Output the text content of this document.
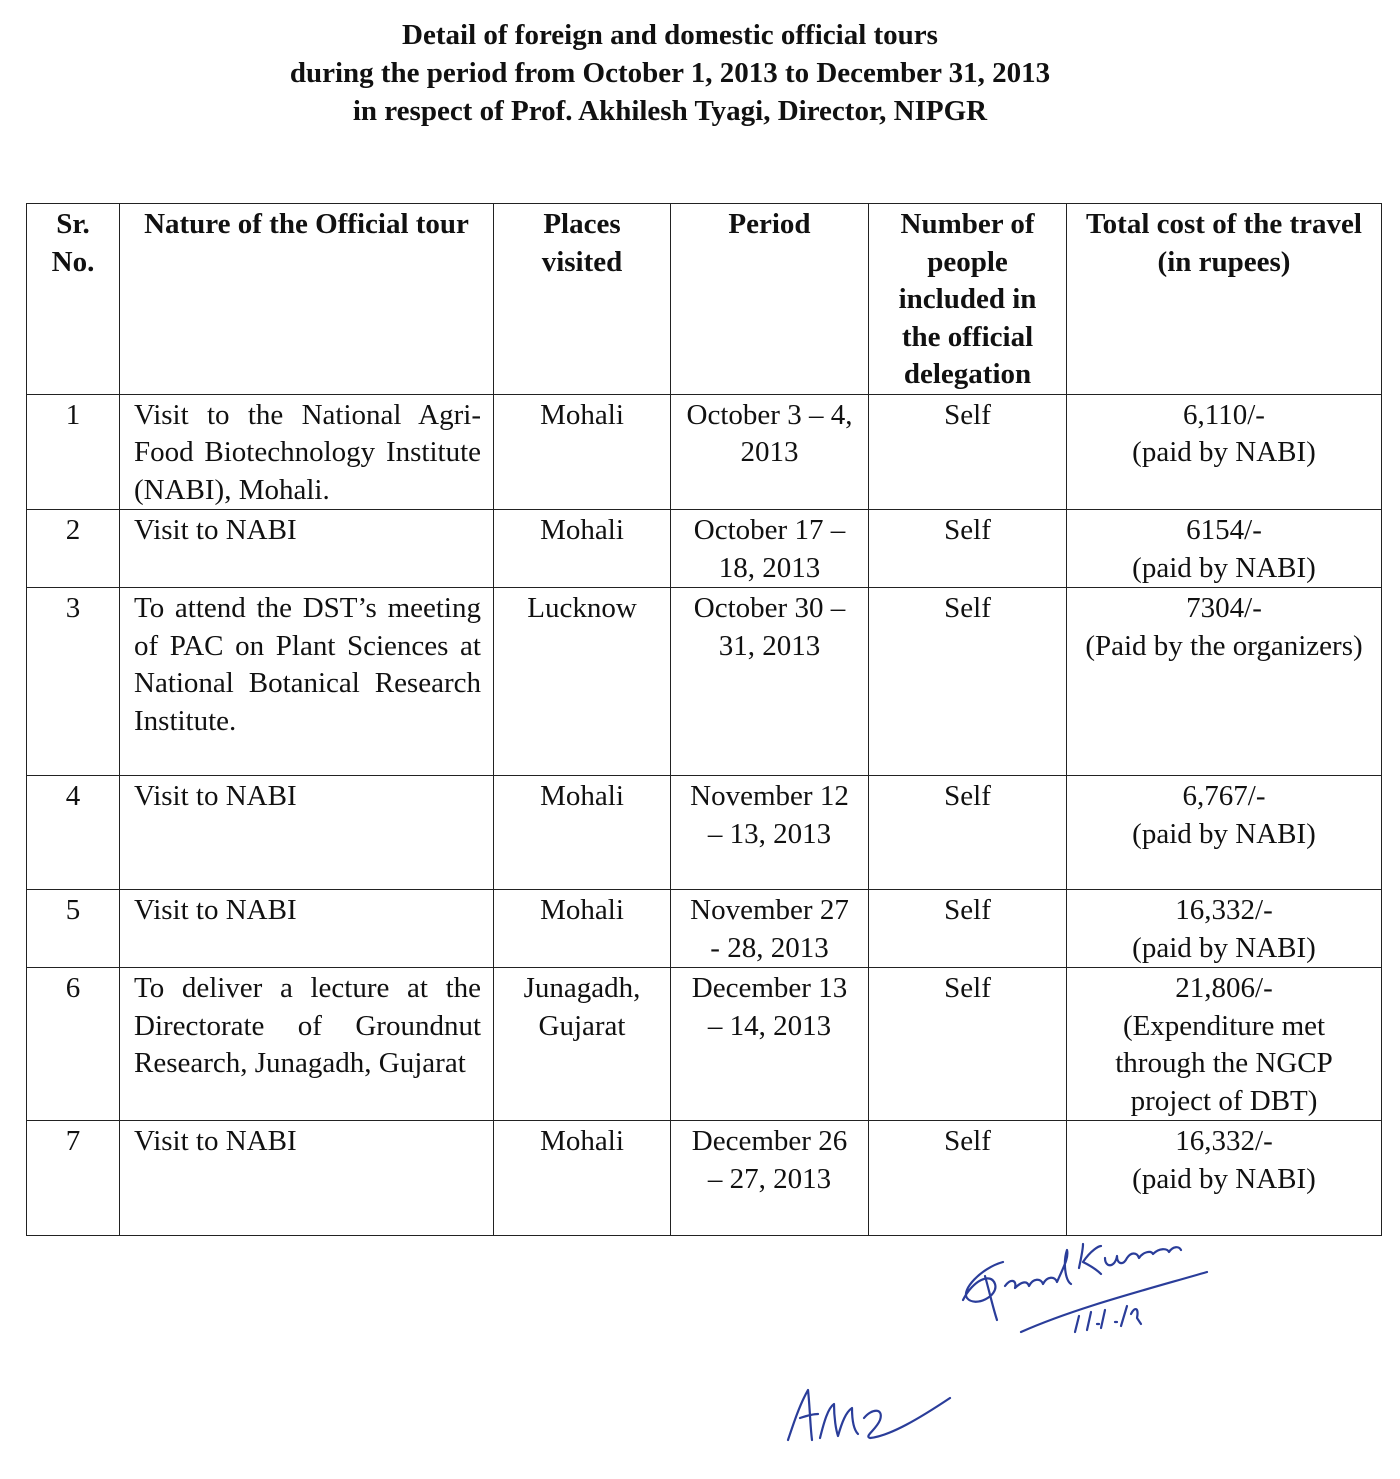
Detail of foreign and domestic official tours
during the period from October 1, 2013 to December 31, 2013
in respect of Prof. Akhilesh Tyagi, Director, NIPGR
Sr. No.	Nature of the Official tour	Places visited	Period	Number of people included in the official delegation	Total cost of the travel (in rupees)
1	Visit to the National Agri-Food Biotechnology Institute (NABI), Mohali.	Mohali	October 3 – 4, 2013	Self	6,110/-
(paid by NABI)

2	Visit to NABI	Mohali	October 17 – 18, 2013	Self	6154/-
(paid by NABI)

3	To attend the DST’s meeting of PAC on Plant Sciences at National Botanical Research Institute.	Lucknow	October 30 – 31, 2013	Self	7304/-
(Paid by the organizers)

4	Visit to NABI	Mohali	November 12 – 13, 2013	Self	6,767/-
(paid by NABI)

5	Visit to NABI	Mohali	November 27 - 28, 2013	Self	16,332/-
(paid by NABI)

6	To deliver a lecture at the Directorate of Groundnut Research, Junagadh, Gujarat	Junagadh, Gujarat	December 13 – 14, 2013	Self	21,806/-
(Expenditure met through the NGCP project of DBT)

7	Visit to NABI	Mohali	December 26 – 27, 2013	Self	16,332/-
(paid by NABI)
